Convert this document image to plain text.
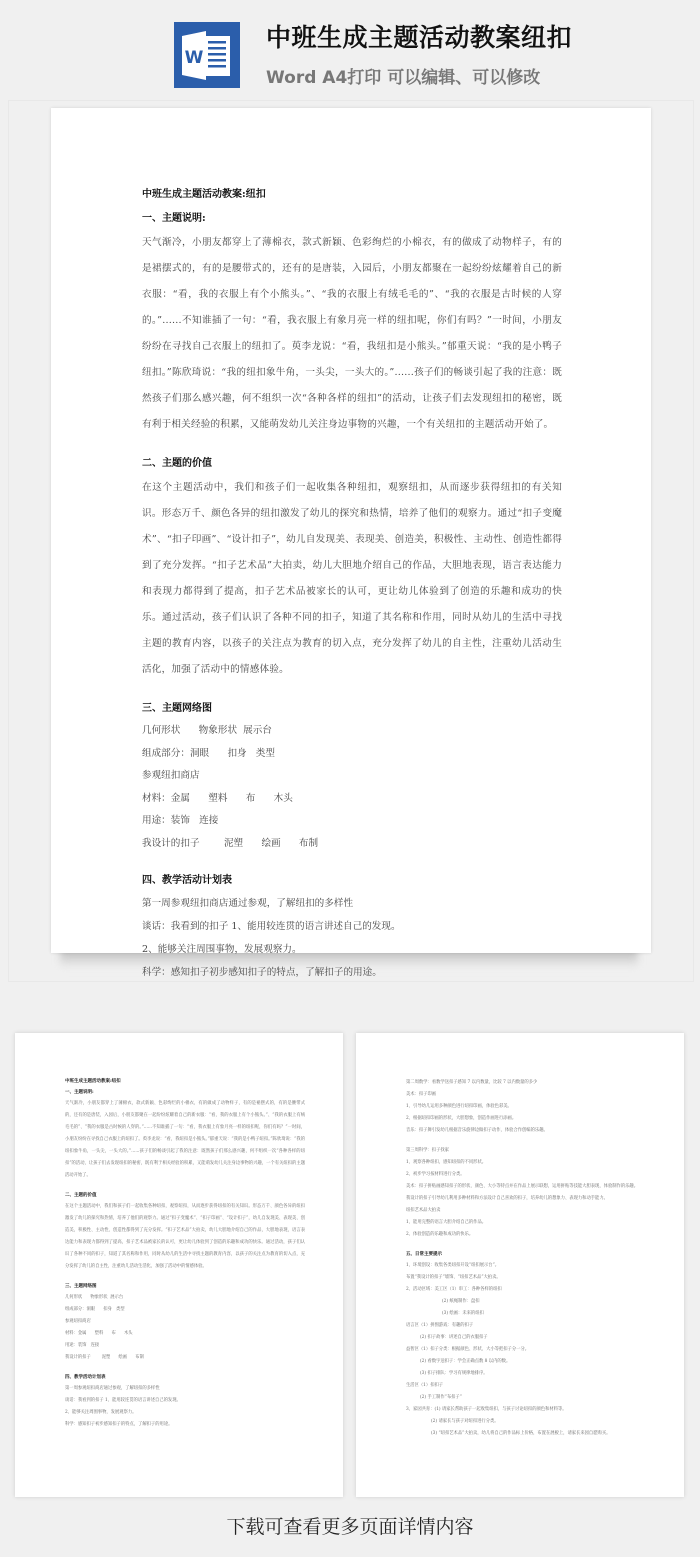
W
中班生成主题活动教案纽扣
Word A4打印 可以编辑、可以修改
中班生成主题活动教案:纽扣
一、主题说明:

天气渐冷，小朋友都穿上了薄棉衣，款式新颖、色彩绚烂的小棉衣，有的做成了动物样子，有的是裙摆式的，有的是腰带式的，还有的是唐装，入园后，小朋友都聚在一起纷纷炫耀着自己的新衣服：“看，我的衣服上有个小熊头。”、“我的衣服上有绒毛毛的”、“我的衣服是古时候的人穿的。”......不知谁插了一句：“看，我衣服上有象月亮一样的纽扣呢，你们有吗？”一时间，小朋友纷纷在寻找自己衣服上的纽扣了。萸李龙说：“看，我纽扣是小熊头。”郁重天说：“我的是小鸭子纽扣。”陈欣琦说：“我的纽扣象牛角，一头尖，一头大的。”......孩子们的畅谈引起了我的注意：既然孩子们那么感兴趣，何不组织一次“各种各样的纽扣”的活动，让孩子们去发现纽扣的秘密，既有利于相关经验的积累，又能萌发幼儿关注身边事物的兴趣，一个有关纽扣的主题活动开始了。

二、主题的价值

在这个主题活动中，我们和孩子们一起收集各种纽扣，观察纽扣，从而逐步获得纽扣的有关知识。形态万千、颜色各异的纽扣激发了幼儿的探究和热情，培养了他们的观察力。通过“扣子变魔术”、“扣子印画”、“设计扣子”，幼儿自发现美、表现美、创造美，积极性、主动性、创造性都得到了充分发挥。“扣子艺术品”大拍卖，幼儿大胆地介绍自己的作品，大胆地表现，语言表达能力和表现力都得到了提高，扣子艺术品被家长的认可，更让幼儿体验到了创造的乐趣和成功的快乐。通过活动，孩子们认识了各种不同的扣子，知道了其名称和作用，同时从幼儿的生活中寻找主题的教育内容，以孩子的关注点为教育的切入点，充分发挥了幼儿的自主性，注重幼儿活动生活化，加强了活动中的情感体验。

三、主题网络图
几何形状      物象形状  展示台
组成部分：洞眼      扣身   类型
参观纽扣商店
材料：金属      塑料      布      木头
用途：装饰   连接
我设计的扣子        泥塑      绘画      布制
四、教学活动计划表
第一周参观纽扣商店通过参观，了解纽扣的多样性
谈话：我看到的扣子 1、能用较连贯的语言讲述自己的发现。
2、能够关注周围事物，发展观察力。
科学：感知扣子初步感知扣子的特点，了解扣子的用途。
中班生成主题活动教案:纽扣
一、主题说明:
天气渐冷，小朋友都穿上了薄棉衣，款式新颖、色彩绚烂的小棉衣，有的做成了动物样子，有的是裙摆式的，有的是腰带式的，还有的是唐装，入园后，小朋友都聚在一起纷纷炫耀着自己的新衣服：“看，我的衣服上有个小熊头。”、“我的衣服上有绒毛毛的”、“我的衣服是古时候的人穿的。”......不知谁插了一句：“看，我衣服上有象月亮一样的纽扣呢，你们有吗？”一时间，小朋友纷纷在寻找自己衣服上的纽扣了。萸李龙说：“看，我纽扣是小熊头。”郁重天说：“我的是小鸭子纽扣。”陈欣琦说：“我的纽扣象牛角，一头尖，一头大的。”......孩子们的畅谈引起了我的注意：既然孩子们那么感兴趣，何不组织一次“各种各样的纽扣”的活动，让孩子们去发现纽扣的秘密，既有利于相关经验的积累，又能萌发幼儿关注身边事物的兴趣，一个有关纽扣的主题活动开始了。
二、主题的价值
在这个主题活动中，我们和孩子们一起收集各种纽扣，观察纽扣，从而逐步获得纽扣的有关知识。形态万千、颜色各异的纽扣激发了幼儿的探究和热情，培养了他们的观察力。通过“扣子变魔术”、“扣子印画”、“设计扣子”，幼儿自发现美、表现美、创造美，积极性、主动性、创造性都得到了充分发挥。“扣子艺术品”大拍卖，幼儿大胆地介绍自己的作品，大胆地表现，语言表达能力和表现力都得到了提高，扣子艺术品被家长的认可，更让幼儿体验到了创造的乐趣和成功的快乐。通过活动，孩子们认识了各种不同的扣子，知道了其名称和作用，同时从幼儿的生活中寻找主题的教育内容，以孩子的关注点为教育的切入点，充分发挥了幼儿的自主性，注重幼儿活动生活化，加强了活动中的情感体验。
三、主题网络图
几何形状      物象形状  展示台
组成部分：洞眼      扣身   类型
参观纽扣商店
材料：金属      塑料      布      木头
用途：装饰   连接
我设计的扣子        泥塑      绘画      布制
四、教学活动计划表
第一周参观纽扣商店通过参观，了解纽扣的多样性
谈话：我看到的扣子 1、能用较连贯的语言讲述自己的发现。
2、能够关注周围事物，发展观察力。
科学：感知扣子初步感知扣子的特点，了解扣子的用途。
第二周数学：看数学送扣子感知 7 以内数量，比较 7 以内数量的多少
美术：扣子印画
1、引导幼儿运用多种颜色进行纽扣印画，体验色彩美。
2、根据纽扣印画的形状，大胆想象，创造作画进行添画。
音乐：扣子舞引发幼儿根据音乐旋律边做扣子动作，体验合作创编的乐趣。
第三周科学：扣子找家
1、观察各种纽扣，感知纽扣的不同形状。
2、初步学习按材料进行分类。
美术：扣子拼贴画感知扣子的形状、颜色、大小等特点并在作品上展示联想，运用拼贴等技能大胆表现，体验制作的乐趣。
我设计的扣子引导幼儿利用多种材料和方法设计自己喜欢的扣子，培养幼儿的想象力、表现力和动手能力。
纽扣艺术品大拍卖
1、能用完整的语言大胆介绍自己的作品。
2、体验创造的乐趣和成功的快乐。
五、日常主要提示
1、环境创设：收集各类纽扣开设“纽扣展示台”。
布置“我设计的扣子”墙饰、“纽扣艺术品”大拍卖。
2、活动区域：美工区（1）串工：各种各样的纽扣
(2) 纸绳制作：盘扣
(3) 绘画：未来的纽扣
语言区（1）拼图游戏：有趣的扣子
(2) 扣子故事：讲述自己的衣服扣子
益智区（1）扣子分类：根据颜色、形状、大小等把扣子分一分。
(2) 看数字送扣子：学会正确点数 8 以内的数。
(3) 扣子排队：学习有规律地排序。
生活区（1）扣扣子
(2) 手工制作“布扣子”
3、家园共育：(1) 请家长帮助孩子一起收集纽扣，与孩子讨论纽扣的颜色和材料等。
(2) 请家长与孩子对纽扣进行分类。
(3) “纽扣艺术品”大拍卖，幼儿将自己的作品标上价格，布置在展板上，请家长来园自愿购买。
下载可查看更多页面详情内容
